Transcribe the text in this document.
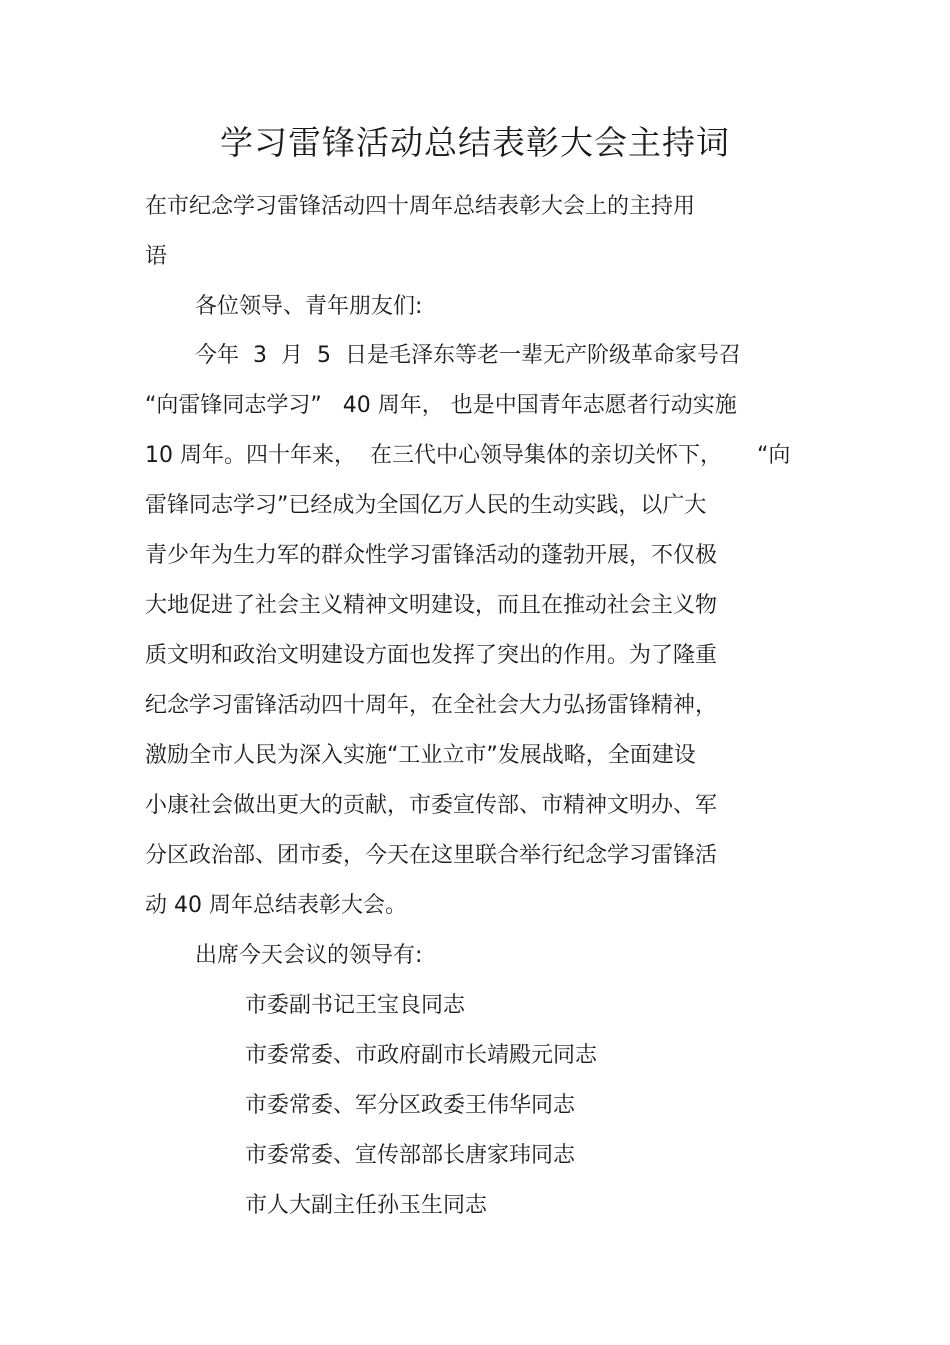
学习雷锋活动总结表彰大会主持词
在市纪念学习雷锋活动四十周年总结表彰大会上的主持用
语
各位领导、青年朋友们:
今年  3  月  5  日是毛泽东等老一辈无产阶级革命家号召
“向雷锋同志学习”   40 周年， 也是中国青年志愿者行动实施
10 周年。四十年来，  在三代中心领导集体的亲切关怀下，     “向
雷锋同志学习”已经成为全国亿万人民的生动实践，以广大
青少年为生力军的群众性学习雷锋活动的蓬勃开展，不仅极
大地促进了社会主义精神文明建设，而且在推动社会主义物
质文明和政治文明建设方面也发挥了突出的作用。为了隆重
纪念学习雷锋活动四十周年，在全社会大力弘扬雷锋精神，
激励全市人民为深入实施“工业立市”发展战略，全面建设
小康社会做出更大的贡献，市委宣传部、市精神文明办、军
分区政治部、团市委，今天在这里联合举行纪念学习雷锋活
动 40 周年总结表彰大会。
出席今天会议的领导有:
市委副书记王宝良同志
市委常委、市政府副市长靖殿元同志
市委常委、军分区政委王伟华同志
市委常委、宣传部部长唐家玮同志
市人大副主任孙玉生同志
